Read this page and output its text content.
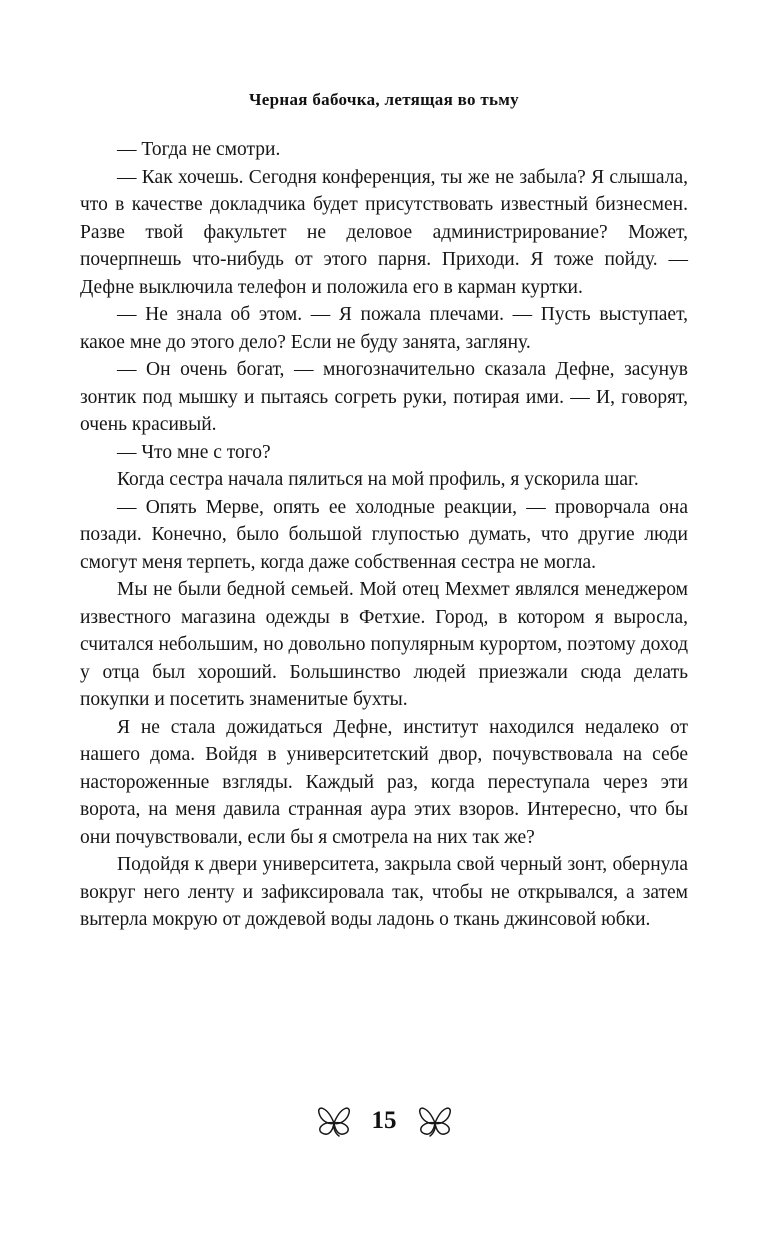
Черная бабочка, летящая во тьму

— Тогда не смотри.

— Как хочешь. Сегодня конференция, ты же не забыла? Я слышала, что в качестве докладчика будет присутствовать известный бизнесмен. Разве твой факультет не деловое администрирование? Может, почерпнешь что-нибудь от этого парня. Приходи. Я тоже пойду. — Дефне выключила телефон и положила его в карман куртки.

— Не знала об этом. — Я пожала плечами. — Пусть выступает, какое мне до этого дело? Если не буду занята, загляну.

— Он очень богат, — многозначительно сказала Дефне, засунув зонтик под мышку и пытаясь согреть руки, потирая ими. — И, говорят, очень красивый.

— Что мне с того?

Когда сестра начала пялиться на мой профиль, я ускорила шаг.

— Опять Мерве, опять ее холодные реакции, — проворчала она позади. Конечно, было большой глупостью думать, что другие люди смогут меня терпеть, когда даже собственная сестра не могла.

Мы не были бедной семьей. Мой отец Мехмет являлся менеджером известного магазина одежды в Фетхие. Город, в котором я выросла, считался небольшим, но довольно популярным курортом, поэтому доход у отца был хороший. Большинство людей приезжали сюда делать покупки и посетить знаменитые бухты.

Я не стала дожидаться Дефне, институт находился недалеко от нашего дома. Войдя в университетский двор, почувствовала на себе настороженные взгляды. Каждый раз, когда переступала через эти ворота, на меня давила странная аура этих взоров. Интересно, что бы они почувствовали, если бы я смотрела на них так же?

Подойдя к двери университета, закрыла свой черный зонт, обернула вокруг него ленту и зафиксировала так, чтобы не открывался, а затем вытерла мокрую от дождевой воды ладонь о ткань джинсовой юбки.

15
